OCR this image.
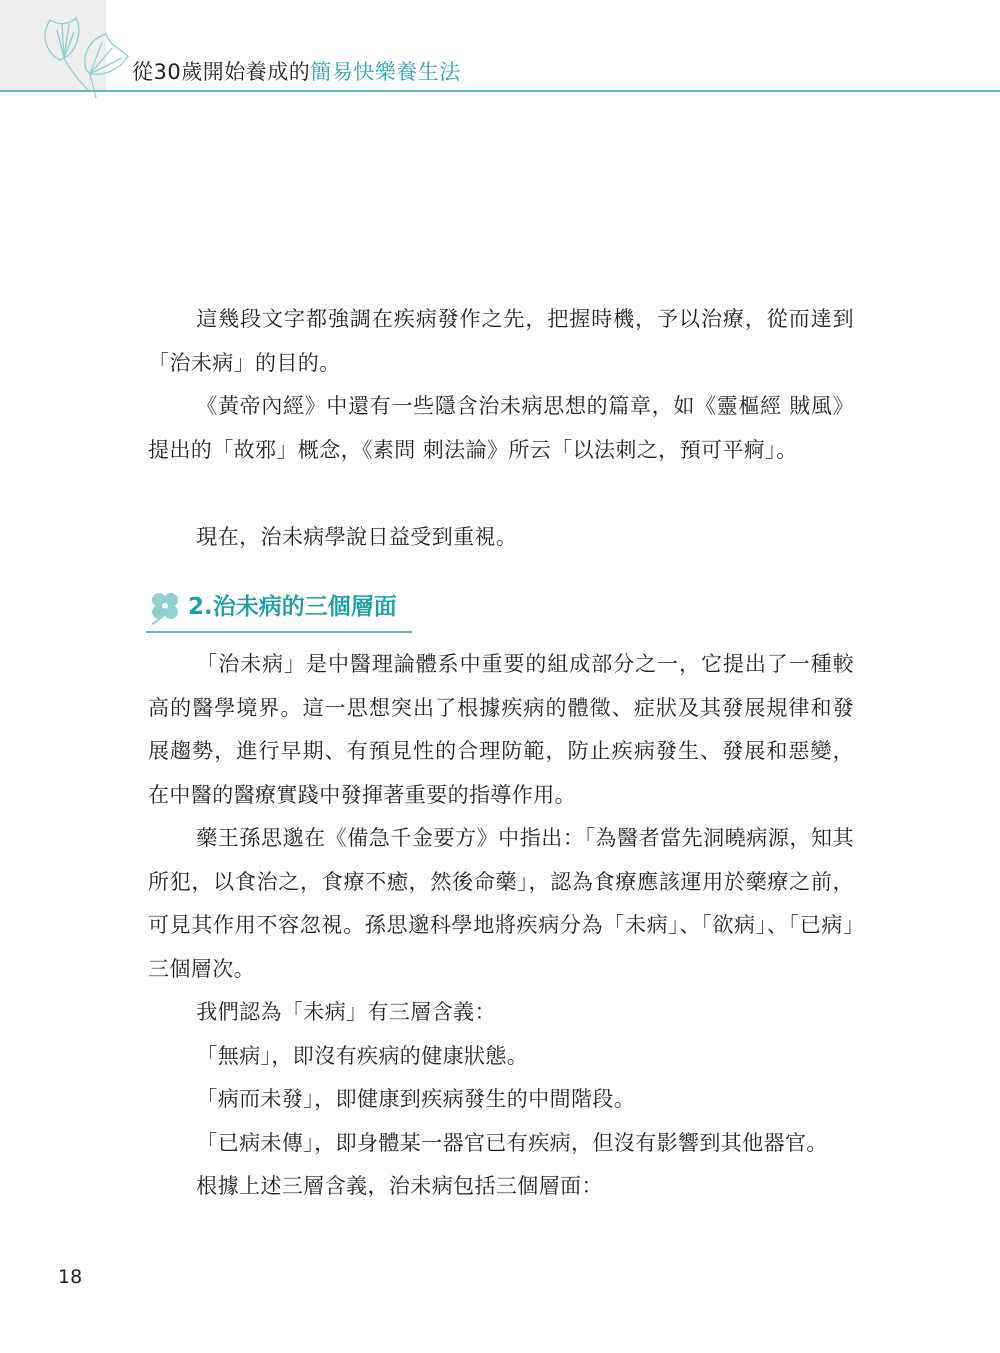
從30歲開始養成的簡易快樂養生法

這幾段文字都強調在疾病發作之先，把握時機，予以治療，從而達到「治未病」的目的。

《黃帝內經》中還有一些隱含治未病思想的篇章，如《靈樞經 賊風》提出的「故邪」概念，《素問 刺法論》所云「以法刺之，預可平痾」。

現在，治未病學說日益受到重視。

2.治未病的三個層面

「治未病」是中醫理論體系中重要的組成部分之一，它提出了一種較高的醫學境界。這一思想突出了根據疾病的體徵、症狀及其發展規律和發展趨勢，進行早期、有預見性的合理防範，防止疾病發生、發展和惡變，在中醫的醫療實踐中發揮著重要的指導作用。

藥王孫思邈在《備急千金要方》中指出：「為醫者當先洞曉病源，知其所犯，以食治之，食療不癒，然後命藥」，認為食療應該運用於藥療之前，可見其作用不容忽視。孫思邈科學地將疾病分為「未病」、「欲病」、「已病」三個層次。

我們認為「未病」有三層含義：

「無病」，即沒有疾病的健康狀態。

「病而未發」，即健康到疾病發生的中間階段。

「已病未傳」，即身體某一器官已有疾病，但沒有影響到其他器官。

根據上述三層含義，治未病包括三個層面：

18
